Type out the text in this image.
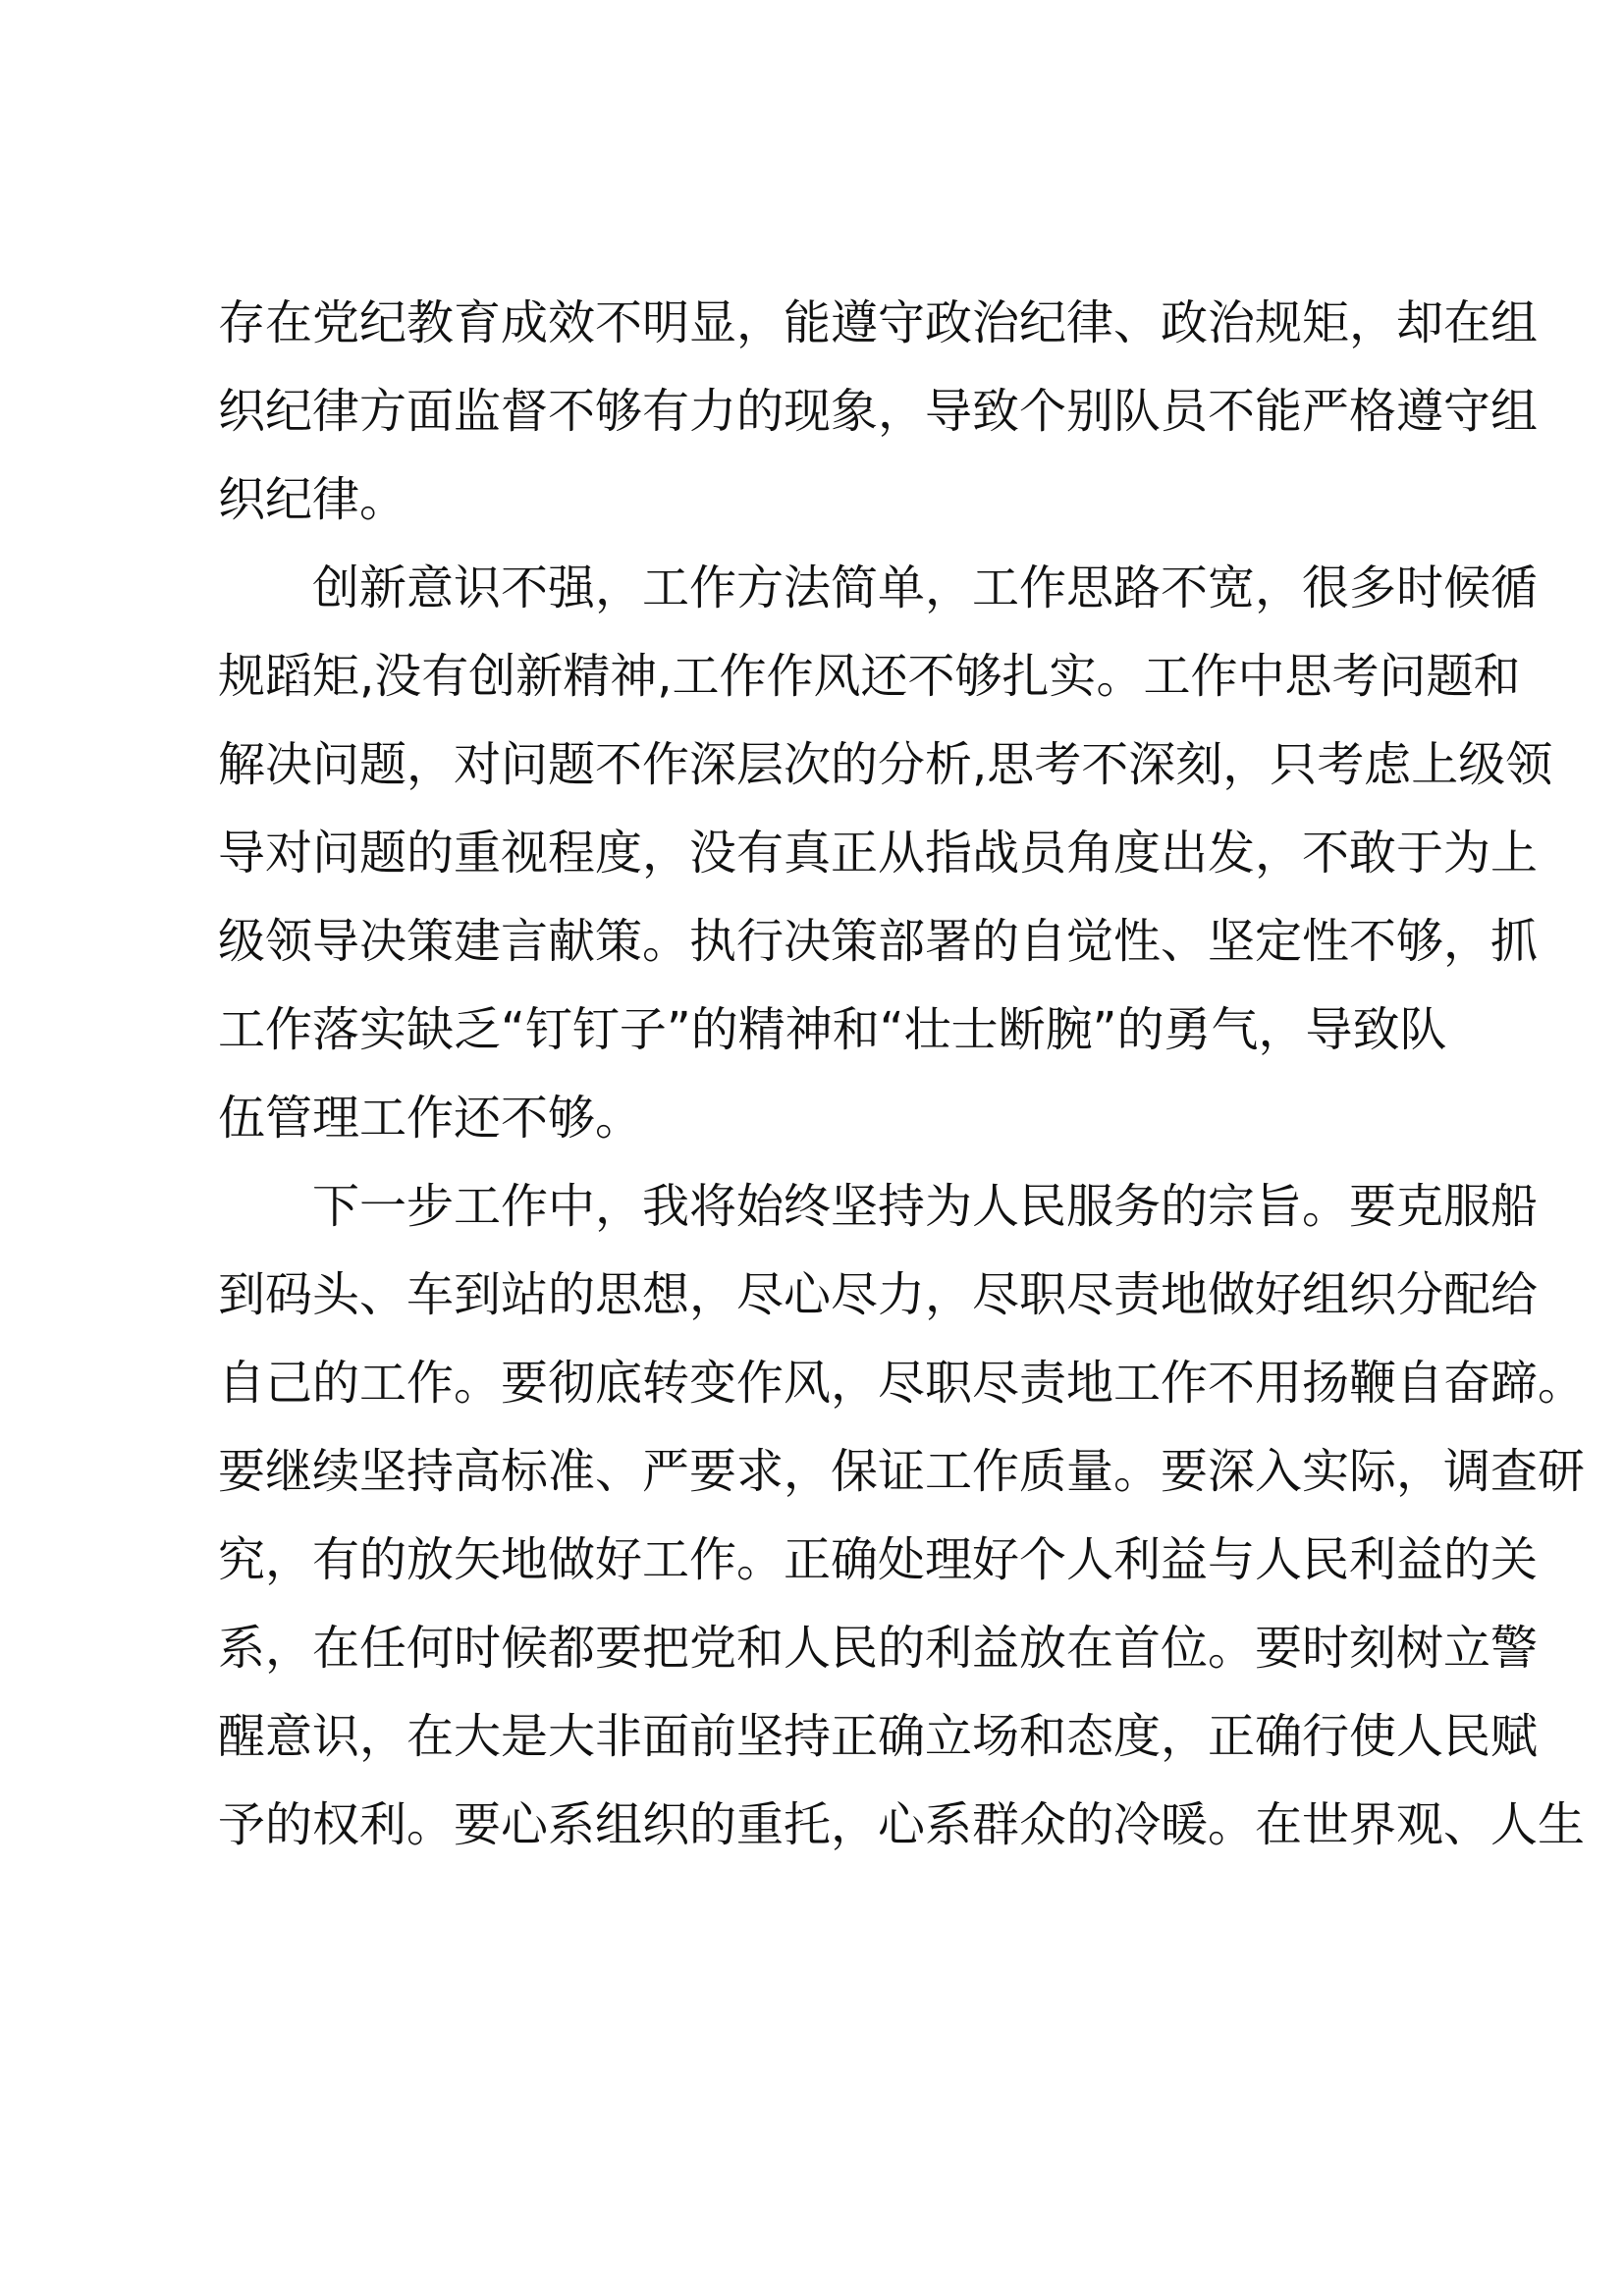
存在党纪教育成效不明显，能遵守政治纪律、政治规矩，却在组
织纪律方面监督不够有力的现象，导致个别队员不能严格遵守组
织纪律。
创新意识不强，工作方法简单，工作思路不宽，很多时候循
规蹈矩,没有创新精神,工作作风还不够扎实。工作中思考问题和
解决问题，对问题不作深层次的分析,思考不深刻，只考虑上级领
导对问题的重视程度，没有真正从指战员角度出发，不敢于为上
级领导决策建言献策。执行决策部署的自觉性、坚定性不够，抓
工作落实缺乏“钉钉子”的精神和“壮士断腕”的勇气，导致队
伍管理工作还不够。
下一步工作中，我将始终坚持为人民服务的宗旨。要克服船
到码头、车到站的思想，尽心尽力，尽职尽责地做好组织分配给
自己的工作。要彻底转变作风，尽职尽责地工作不用扬鞭自奋蹄。
要继续坚持高标准、严要求，保证工作质量。要深入实际，调查研
究，有的放矢地做好工作。正确处理好个人利益与人民利益的关
系，在任何时候都要把党和人民的利益放在首位。要时刻树立警
醒意识，在大是大非面前坚持正确立场和态度，正确行使人民赋
予的权利。要心系组织的重托，心系群众的冷暖。在世界观、人生
